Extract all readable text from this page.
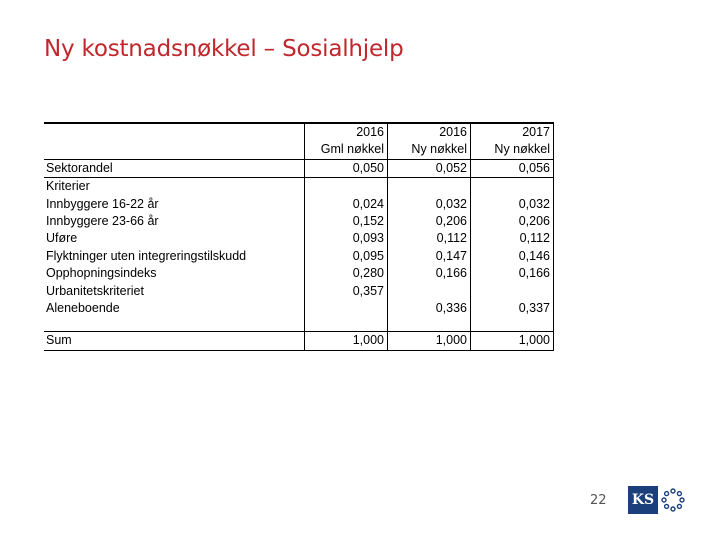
Ny kostnadsnøkkel – Sosialhjelp
	2016	2016	2017
	Gml nøkkel	Ny nøkkel	Ny nøkkel
Sektorandel	0,050	0,052	0,056
Kriterier			
Innbyggere 16-22 år	0,024	0,032	0,032
Innbyggere 23-66 år	0,152	0,206	0,206
Uføre	0,093	0,112	0,112
Flyktninger uten integreringstilskudd	0,095	0,147	0,146
Opphopningsindeks	0,280	0,166	0,166
Urbanitetskriteriet	0,357		
Aleneboende		0,336	0,337

Sum	1,000	1,000	1,000
22 KS
